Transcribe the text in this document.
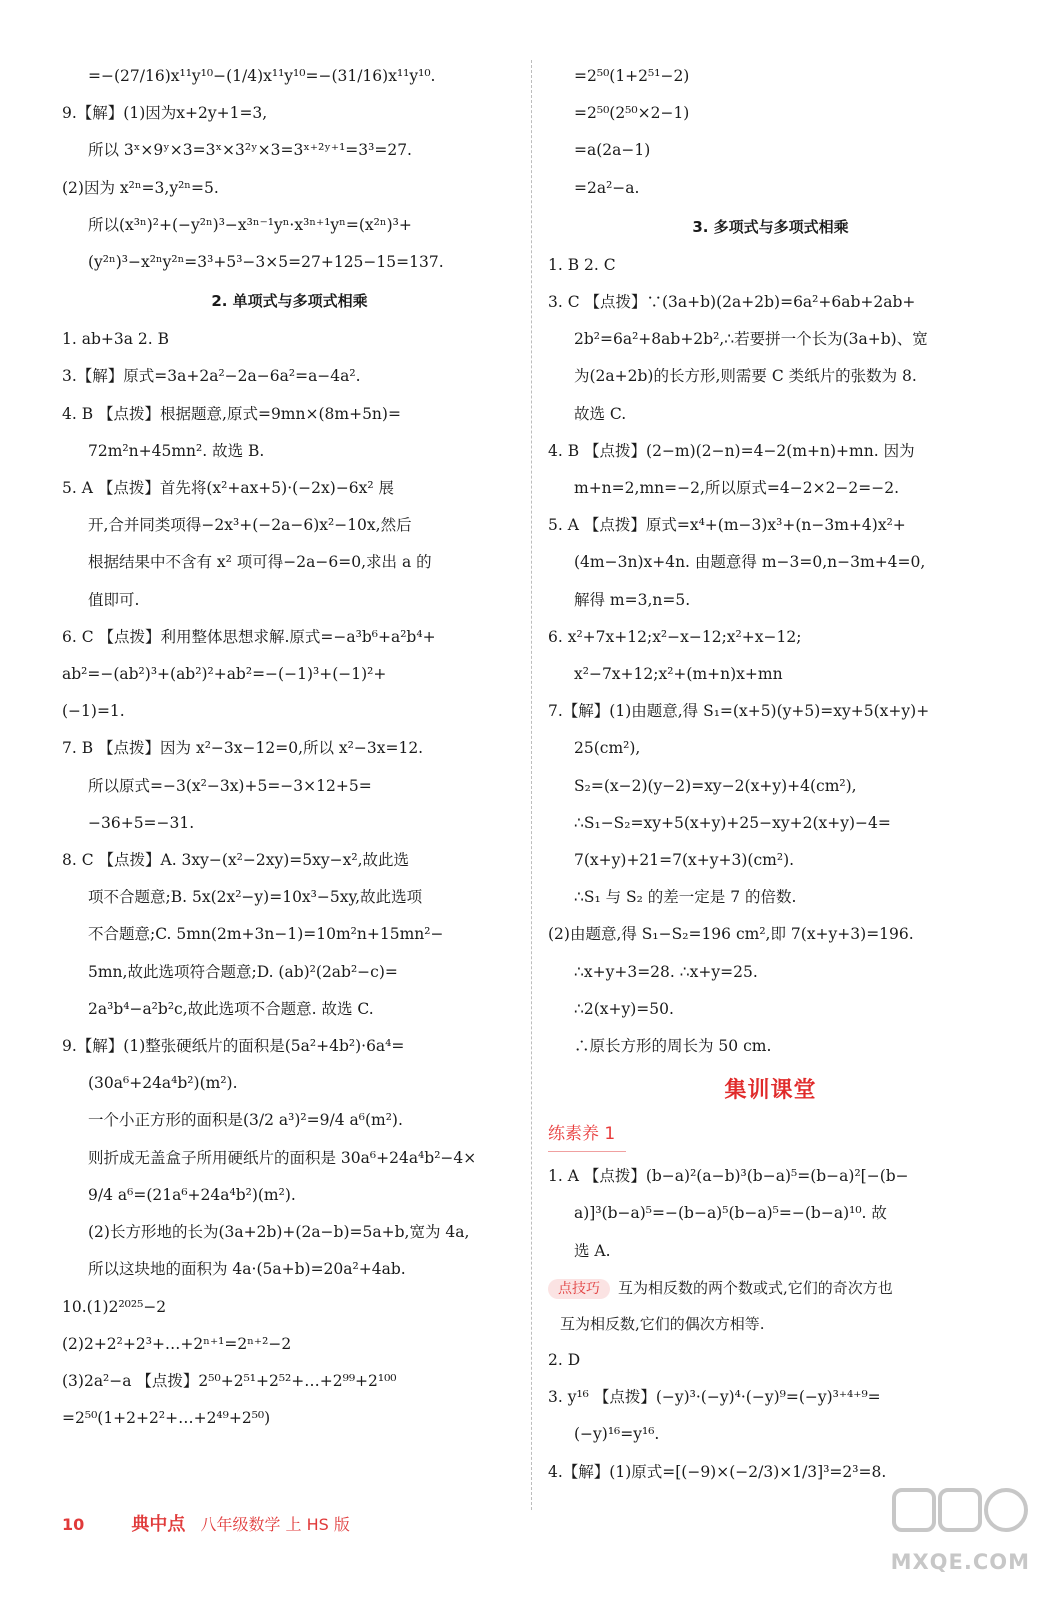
=−(27/16)x¹¹y¹⁰−(1/4)x¹¹y¹⁰=−(31/16)x¹¹y¹⁰.
9.【解】(1)因为x+2y+1=3,
所以 3ˣ×9ʸ×3=3ˣ×3²ʸ×3=3ˣ⁺²ʸ⁺¹=3³=27.
(2)因为 x²ⁿ=3,y²ⁿ=5.
所以(x³ⁿ)²+(−y²ⁿ)³−x³ⁿ⁻¹yⁿ·x³ⁿ⁺¹yⁿ=(x²ⁿ)³+
(y²ⁿ)³−x²ⁿy²ⁿ=3³+5³−3×5=27+125−15=137.
2. 单项式与多项式相乘
1. ab+3a 2. B
3.【解】原式=3a+2a²−2a−6a²=a−4a².
4. B 【点拨】根据题意,原式=9mn×(8m+5n)=
72m²n+45mn². 故选 B.
5. A 【点拨】首先将(x²+ax+5)·(−2x)−6x² 展
开,合并同类项得−2x³+(−2a−6)x²−10x,然后
根据结果中不含有 x² 项可得−2a−6=0,求出 a 的
值即可.
6. C 【点拨】利用整体思想求解.原式=−a³b⁶+a²b⁴+
ab²=−(ab²)³+(ab²)²+ab²=−(−1)³+(−1)²+
(−1)=1.
7. B 【点拨】因为 x²−3x−12=0,所以 x²−3x=12.
所以原式=−3(x²−3x)+5=−3×12+5=
−36+5=−31.
8. C 【点拨】A. 3xy−(x²−2xy)=5xy−x²,故此选
项不合题意;B. 5x(2x²−y)=10x³−5xy,故此选项
不合题意;C. 5mn(2m+3n−1)=10m²n+15mn²−
5mn,故此选项符合题意;D. (ab)²(2ab²−c)=
2a³b⁴−a²b²c,故此选项不合题意. 故选 C.
9.【解】(1)整张硬纸片的面积是(5a²+4b²)·6a⁴=
(30a⁶+24a⁴b²)(m²).
一个小正方形的面积是(3/2 a³)²=9/4 a⁶(m²).
则折成无盖盒子所用硬纸片的面积是 30a⁶+24a⁴b²−4×
9/4 a⁶=(21a⁶+24a⁴b²)(m²).
(2)长方形地的长为(3a+2b)+(2a−b)=5a+b,宽为 4a,
所以这块地的面积为 4a·(5a+b)=20a²+4ab.
10.(1)2²⁰²⁵−2
(2)2+2²+2³+…+2ⁿ⁺¹=2ⁿ⁺²−2
(3)2a²−a 【点拨】2⁵⁰+2⁵¹+2⁵²+…+2⁹⁹+2¹⁰⁰
=2⁵⁰(1+2+2²+…+2⁴⁹+2⁵⁰)
=2⁵⁰(1+2⁵¹−2)
=2⁵⁰(2⁵⁰×2−1)
=a(2a−1)
=2a²−a.
3. 多项式与多项式相乘
1. B 2. C
3. C 【点拨】∵(3a+b)(2a+2b)=6a²+6ab+2ab+
2b²=6a²+8ab+2b²,∴若要拼一个长为(3a+b)、宽
为(2a+2b)的长方形,则需要 C 类纸片的张数为 8.
故选 C.
4. B 【点拨】(2−m)(2−n)=4−2(m+n)+mn. 因为
m+n=2,mn=−2,所以原式=4−2×2−2=−2.
5. A 【点拨】原式=x⁴+(m−3)x³+(n−3m+4)x²+
(4m−3n)x+4n. 由题意得 m−3=0,n−3m+4=0,
解得 m=3,n=5.
6. x²+7x+12;x²−x−12;x²+x−12;
x²−7x+12;x²+(m+n)x+mn
7.【解】(1)由题意,得 S₁=(x+5)(y+5)=xy+5(x+y)+
25(cm²),
S₂=(x−2)(y−2)=xy−2(x+y)+4(cm²),
∴S₁−S₂=xy+5(x+y)+25−xy+2(x+y)−4=
7(x+y)+21=7(x+y+3)(cm²).
∴S₁ 与 S₂ 的差一定是 7 的倍数.
(2)由题意,得 S₁−S₂=196 cm²,即 7(x+y+3)=196.
∴x+y+3=28. ∴x+y=25.
∴2(x+y)=50.
∴原长方形的周长为 50 cm.
集训课堂
练素养 1
1. A 【点拨】(b−a)²(a−b)³(b−a)⁵=(b−a)²[−(b−
a)]³(b−a)⁵=−(b−a)⁵(b−a)⁵=−(b−a)¹⁰. 故
选 A.
点技巧 互为相反数的两个数或式,它们的奇次方也
互为相反数,它们的偶次方相等.
2. D
3. y¹⁶ 【点拨】(−y)³·(−y)⁴·(−y)⁹=(−y)³⁺⁴⁺⁹=
(−y)¹⁶=y¹⁶.
4.【解】(1)原式=[(−9)×(−2/3)×1/3]³=2³=8.
10	典中点 八年级数学 上 HS 版
MXQE.COM
